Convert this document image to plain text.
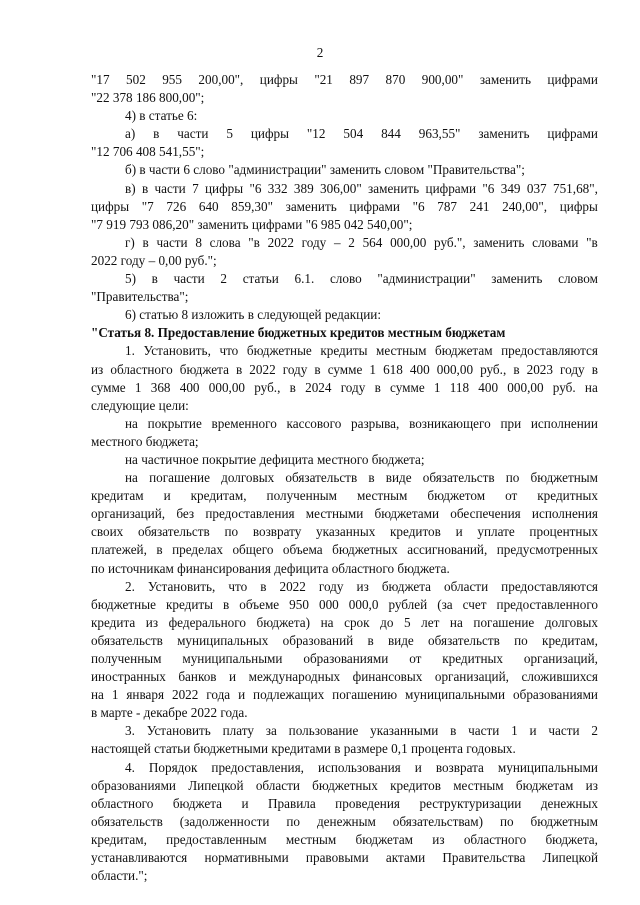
2
"17 502 955 200,00", цифры "21 897 870 900,00" заменить цифрами
"22 378 186 800,00";
4) в статье 6:
а) в части 5 цифры "12 504 844 963,55" заменить цифрами
"12 706 408 541,55";
б) в части 6 слово "администрации" заменить словом "Правительства";
в) в части 7 цифры "6 332 389 306,00" заменить цифрами "6 349 037 751,68",
цифры "7 726 640 859,30" заменить цифрами "6 787 241 240,00", цифры
"7 919 793 086,20" заменить цифрами "6 985 042 540,00";
г) в части 8 слова "в 2022 году – 2 564 000,00 руб.", заменить словами "в
2022 году – 0,00 руб.";
5) в части 2 статьи 6.1. слово "администрации" заменить словом
"Правительства";
6) статью 8 изложить в следующей редакции:
"Статья 8. Предоставление бюджетных кредитов местным бюджетам
1. Установить, что бюджетные кредиты местным бюджетам предоставляются
из областного бюджета в 2022 году в сумме 1 618 400 000,00 руб., в 2023 году в
сумме 1 368 400 000,00 руб., в 2024 году в сумме 1 118 400 000,00 руб. на
следующие цели:
на покрытие временного кассового разрыва, возникающего при исполнении
местного бюджета;
на частичное покрытие дефицита местного бюджета;
на погашение долговых обязательств в виде обязательств по бюджетным
кредитам и кредитам, полученным местным бюджетом от кредитных
организаций, без предоставления местными бюджетами обеспечения исполнения
своих обязательств по возврату указанных кредитов и уплате процентных
платежей, в пределах общего объема бюджетных ассигнований, предусмотренных
по источникам финансирования дефицита областного бюджета.
2. Установить, что в 2022 году из бюджета области предоставляются
бюджетные кредиты в объеме 950 000 000,0 рублей (за счет предоставленного
кредита из федерального бюджета) на срок до 5 лет на погашение долговых
обязательств муниципальных образований в виде обязательств по кредитам,
полученным муниципальными образованиями от кредитных организаций,
иностранных банков и международных финансовых организаций, сложившихся
на 1 января 2022 года и подлежащих погашению муниципальными образованиями
в марте - декабре 2022 года.
3. Установить плату за пользование указанными в части 1 и части 2
настоящей статьи бюджетными кредитами в размере 0,1 процента годовых.
4. Порядок предоставления, использования и возврата муниципальными
образованиями Липецкой области бюджетных кредитов местным бюджетам из
областного бюджета и Правила проведения реструктуризации денежных
обязательств (задолженности по денежным обязательствам) по бюджетным
кредитам, предоставленным местным бюджетам из областного бюджета,
устанавливаются нормативными правовыми актами Правительства Липецкой
области.";
